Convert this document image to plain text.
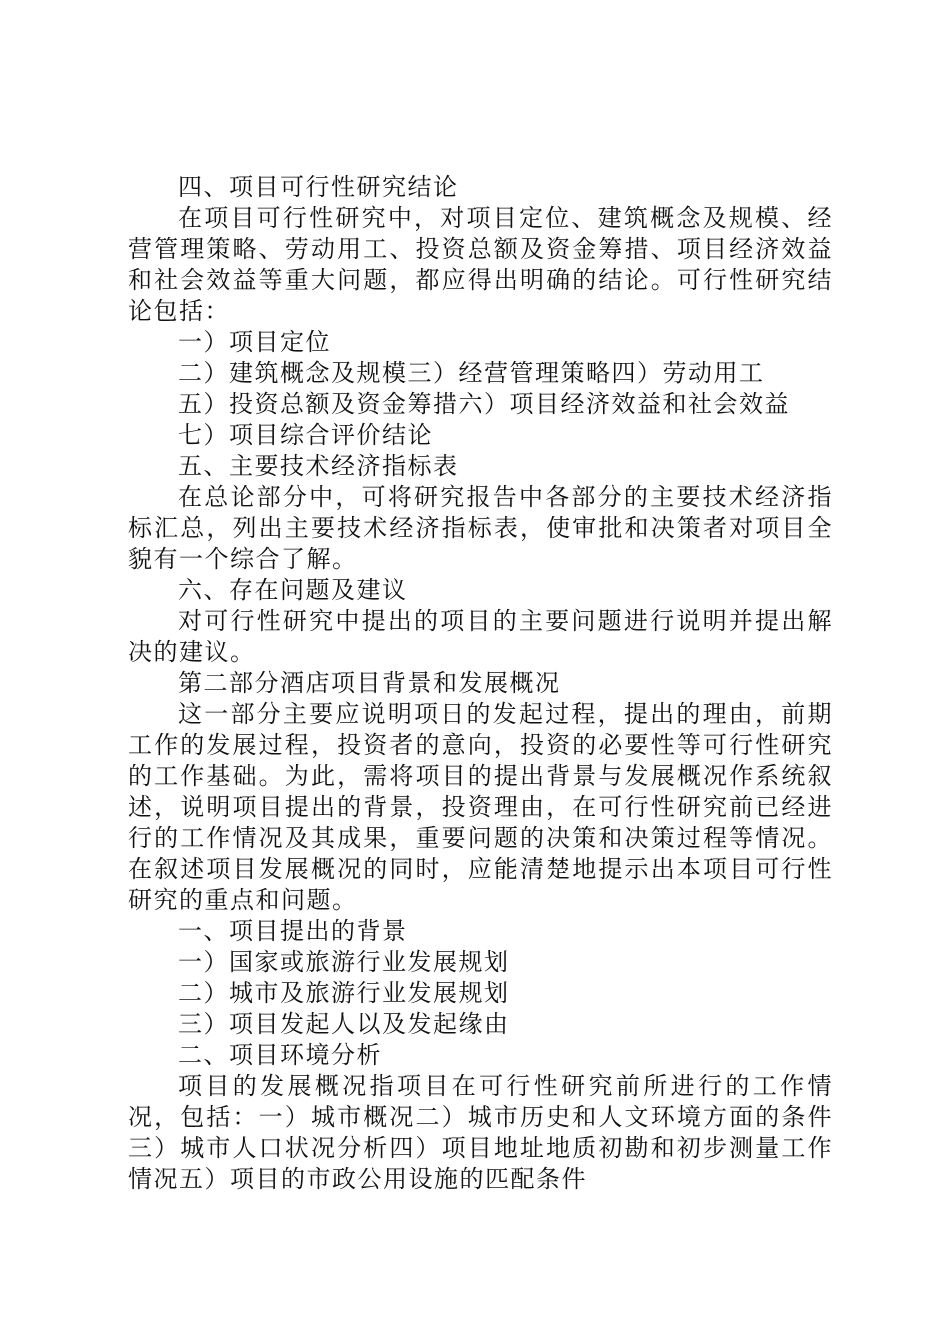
四、项目可行性研究结论

在项目可行性研究中，对项目定位、建筑概念及规模、经营管理策略、劳动用工、投资总额及资金筹措、项目经济效益和社会效益等重大问题，都应得出明确的结论。可行性研究结论包括：

一）项目定位

二）建筑概念及规模三）经营管理策略四）劳动用工

五）投资总额及资金筹措六）项目经济效益和社会效益

七）项目综合评价结论

五、主要技术经济指标表

在总论部分中，可将研究报告中各部分的主要技术经济指标汇总，列出主要技术经济指标表，使审批和决策者对项目全貌有一个综合了解。

六、存在问题及建议

对可行性研究中提出的项目的主要问题进行说明并提出解决的建议。

第二部分酒店项目背景和发展概况

这一部分主要应说明项日的发起过程，提出的理由，前期工作的发展过程，投资者的意向，投资的必要性等可行性研究的工作基础。为此，需将项目的提出背景与发展概况作系统叙述，说明项目提出的背景，投资理由，在可行性研究前已经进行的工作情况及其成果，重要问题的决策和决策过程等情况。在叙述项目发展概况的同时，应能清楚地提示出本项目可行性研究的重点和问题。

一、项目提出的背景

一）国家或旅游行业发展规划

二）城市及旅游行业发展规划

三）项目发起人以及发起缘由

二、项目环境分析

项目的发展概况指项目在可行性研究前所进行的工作情况，包括：一）城市概况二）城市历史和人文环境方面的条件三）城市人口状况分析四）项目地址地质初勘和初步测量工作情况五）项目的市政公用设施的匹配条件
